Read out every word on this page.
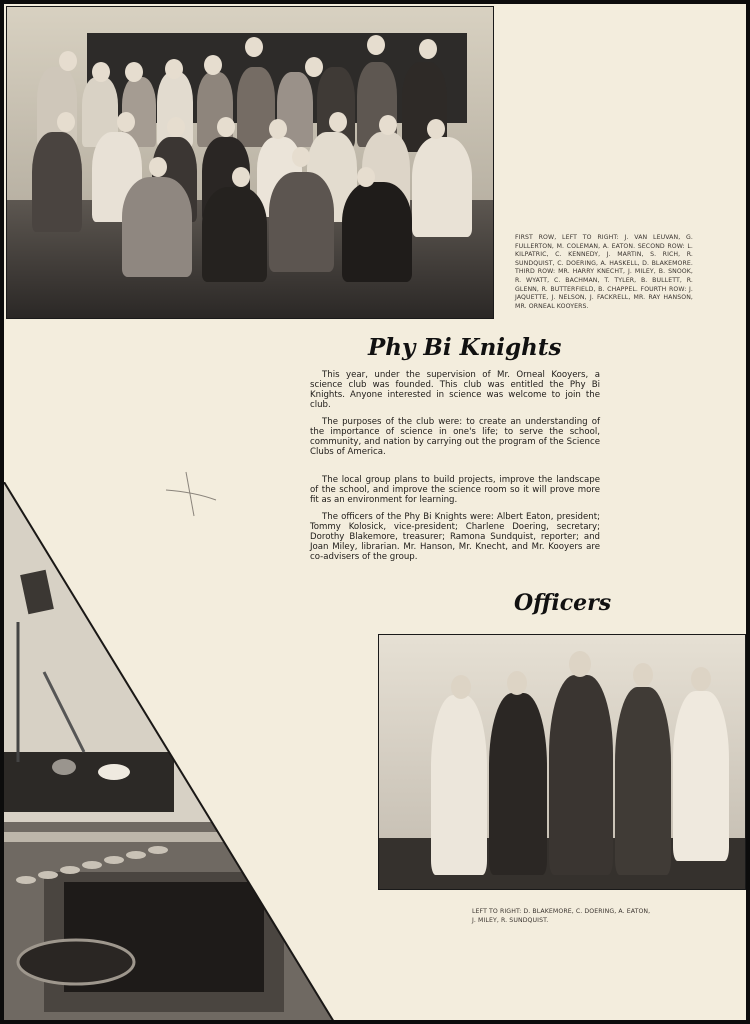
FIRST ROW, LEFT TO RIGHT: J. VAN LEUVAN, G. FULLERTON, M. COLEMAN, A. EATON. SECOND ROW: L. KILPATRIC, C. KENNEDY, J. MARTIN, S. RICH, R. SUNDQUIST, C. DOERING, A. HASKELL, D. BLAKEMORE. THIRD ROW: MR. HARRY KNECHT, J. MILEY, B. SNOOK, R. WYATT, C. BACHMAN, T. TYLER, B. BULLETT, R. GLENN, R. BUTTERFIELD, B. CHAPPEL. FOURTH ROW: J. JAQUETTE, J. NELSON, J. FACKRELL, MR. RAY HANSON, MR. ORNEAL KOOYERS.
Phy Bi Knights

This year, under the supervision of Mr. Orneal Kooyers, a science club was founded. This club was entitled the Phy Bi Knights. Anyone interested in science was welcome to join the club.

The purposes of the club were: to create an understanding of the importance of science in one's life; to serve the school, community, and nation by carrying out the program of the Science Clubs of America.

The local group plans to build projects, improve the landscape of the school, and improve the science room so it will prove more fit as an environment for learning.

The officers of the Phy Bi Knights were: Albert Eaton, president; Tommy Kolosick, vice-president; Charlene Doering, secretary; Dorothy Blakemore, treasurer; Ramona Sundquist, reporter; and Joan Miley, librarian. Mr. Hanson, Mr. Knecht, and Mr. Kooyers are co-advisers of the group.

Officers
LEFT TO RIGHT: D. BLAKEMORE, C. DOERING, A. EATON, J. MILEY, R. SUNDQUIST.
